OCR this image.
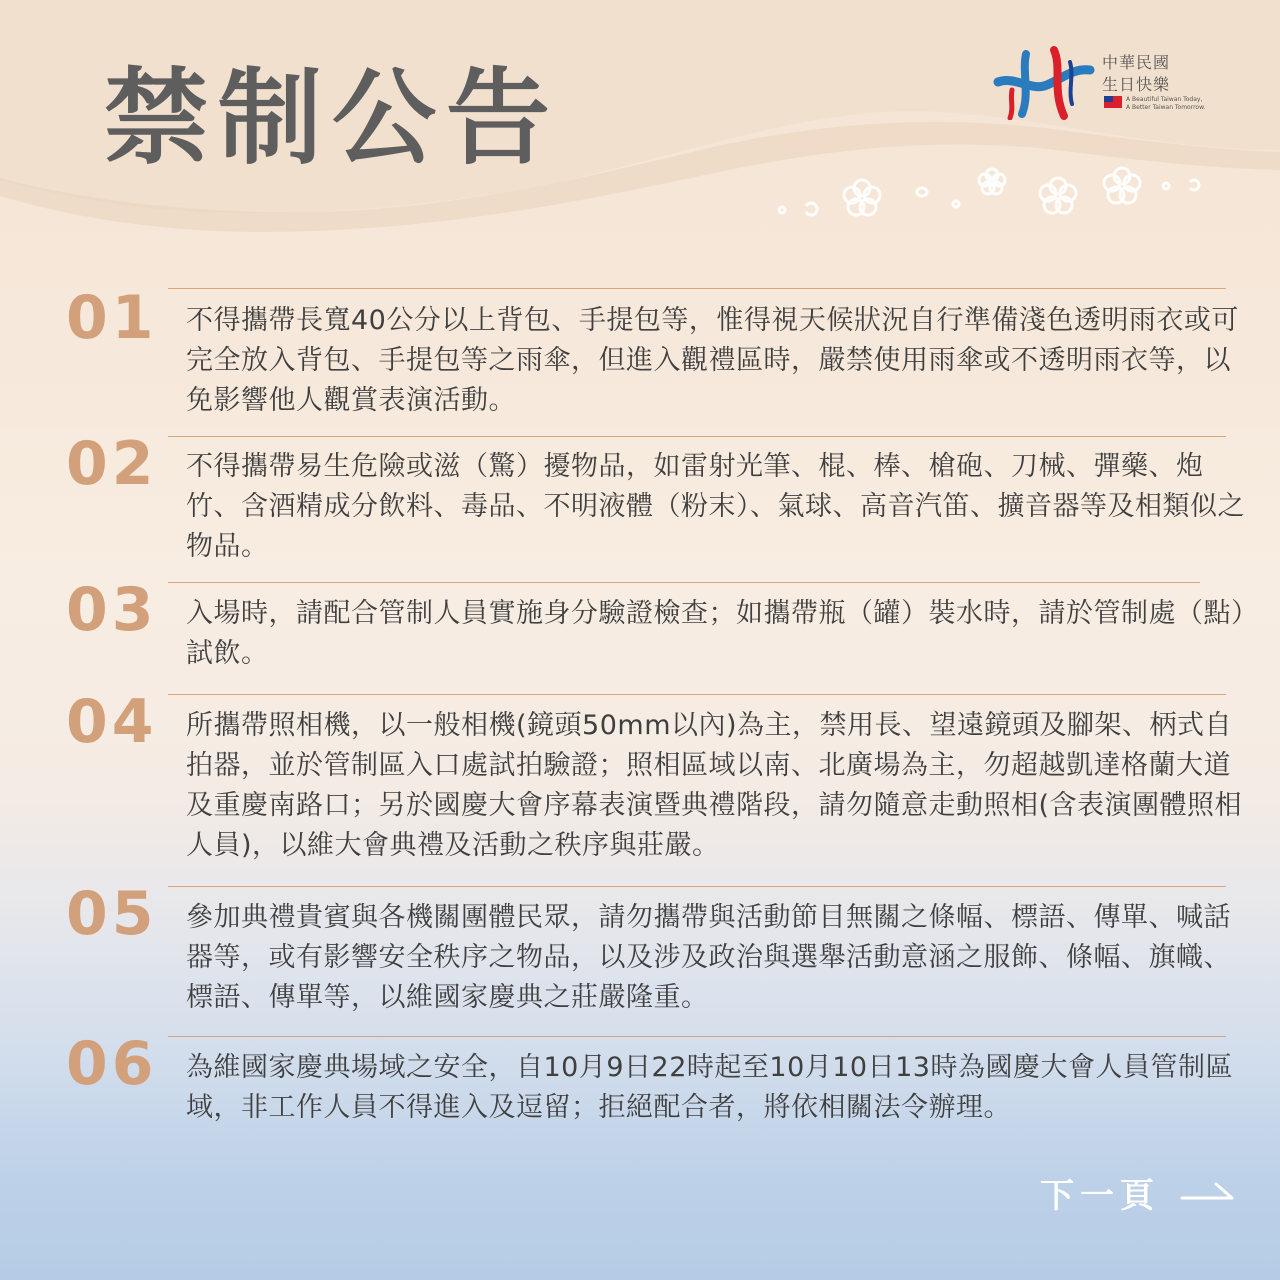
禁制公告	中華民國
生日快樂
A Beautiful Taiwan Today,
A Better Taiwan Tomorrow.
01 不得攜帶長寬40公分以上背包、手提包等，惟得視天候狀況自行準備淺色透明雨衣或可完全放入背包、手提包等之雨傘，但進入觀禮區時，嚴禁使用雨傘或不透明雨衣等，以免影響他人觀賞表演活動。

02 不得攜帶易生危險或滋（驚）擾物品，如雷射光筆、棍、棒、槍砲、刀械、彈藥、炮竹、含酒精成分飲料、毒品、不明液體（粉末）、氣球、高音汽笛、擴音器等及相類似之物品。

03 入場時，請配合管制人員實施身分驗證檢查；如攜帶瓶（罐）裝水時，請於管制處（點）試飲。

04 所攜帶照相機，以一般相機(鏡頭50mm以內)為主，禁用長、望遠鏡頭及腳架、柄式自拍器，並於管制區入口處試拍驗證；照相區域以南、北廣場為主，勿超越凱達格蘭大道及重慶南路口；另於國慶大會序幕表演暨典禮階段，請勿隨意走動照相(含表演團體照相人員)，以維大會典禮及活動之秩序與莊嚴。

05 參加典禮貴賓與各機關團體民眾，請勿攜帶與活動節目無關之條幅、標語、傳單、喊話器等，或有影響安全秩序之物品，以及涉及政治與選舉活動意涵之服飾、條幅、旗幟、標語、傳單等，以維國家慶典之莊嚴隆重。

06 為維國家慶典場域之安全，自10月9日22時起至10月10日13時為國慶大會人員管制區域，非工作人員不得進入及逗留；拒絕配合者，將依相關法令辦理。

下一頁
